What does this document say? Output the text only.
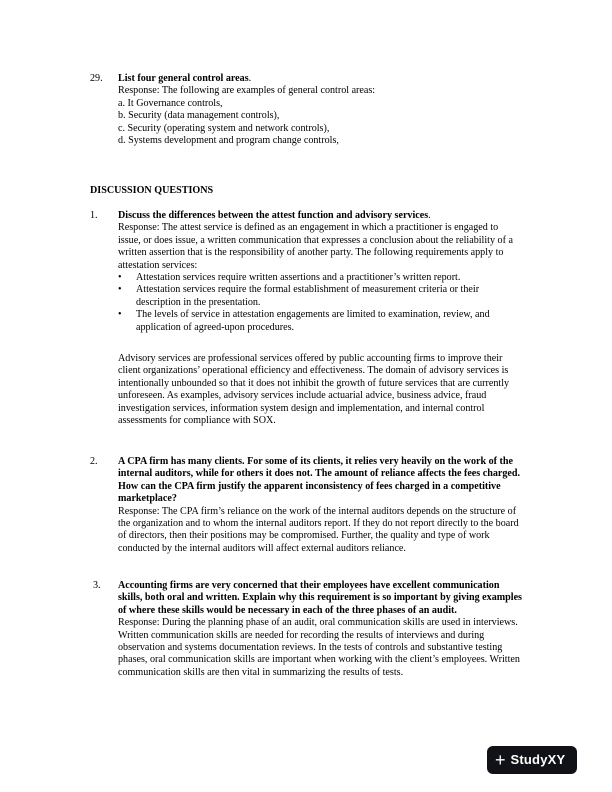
29. List four general control areas.
Response: The following are examples of general control areas:
a. It Governance controls,
b. Security (data management controls),
c. Security (operating system and network controls),
d. Systems development and program change controls,
DISCUSSION QUESTIONS
1. Discuss the differences between the attest function and advisory services.
Response: The attest service is defined as an engagement in which a practitioner is engaged to issue, or does issue, a written communication that expresses a conclusion about the reliability of a written assertion that is the responsibility of another party. The following requirements apply to attestation services:
• Attestation services require written assertions and a practitioner’s written report.
• Attestation services require the formal establishment of measurement criteria or their description in the presentation.
• The levels of service in attestation engagements are limited to examination, review, and application of agreed-upon procedures.
Advisory services are professional services offered by public accounting firms to improve their client organizations’ operational efficiency and effectiveness. The domain of advisory services is intentionally unbounded so that it does not inhibit the growth of future services that are currently unforeseen. As examples, advisory services include actuarial advice, business advice, fraud investigation services, information system design and implementation, and internal control assessments for compliance with SOX.
2. A CPA firm has many clients. For some of its clients, it relies very heavily on the work of the internal auditors, while for others it does not. The amount of reliance affects the fees charged.
How can the CPA firm justify the apparent inconsistency of fees charged in a competitive marketplace?
Response: The CPA firm’s reliance on the work of the internal auditors depends on the structure of the organization and to whom the internal auditors report. If they do not report directly to the board of directors, then their positions may be compromised. Further, the quality and type of work conducted by the internal auditors will affect external auditors reliance.
3. Accounting firms are very concerned that their employees have excellent communication skills, both oral and written. Explain why this requirement is so important by giving examples of where these skills would be necessary in each of the three phases of an audit.
Response: During the planning phase of an audit, oral communication skills are used in interviews. Written communication skills are needed for recording the results of interviews and during observation and systems documentation reviews. In the tests of controls and substantive testing phases, oral communication skills are important when working with the client’s employees. Written communication skills are then vital in summarizing the results of tests.
+ StudyXY
